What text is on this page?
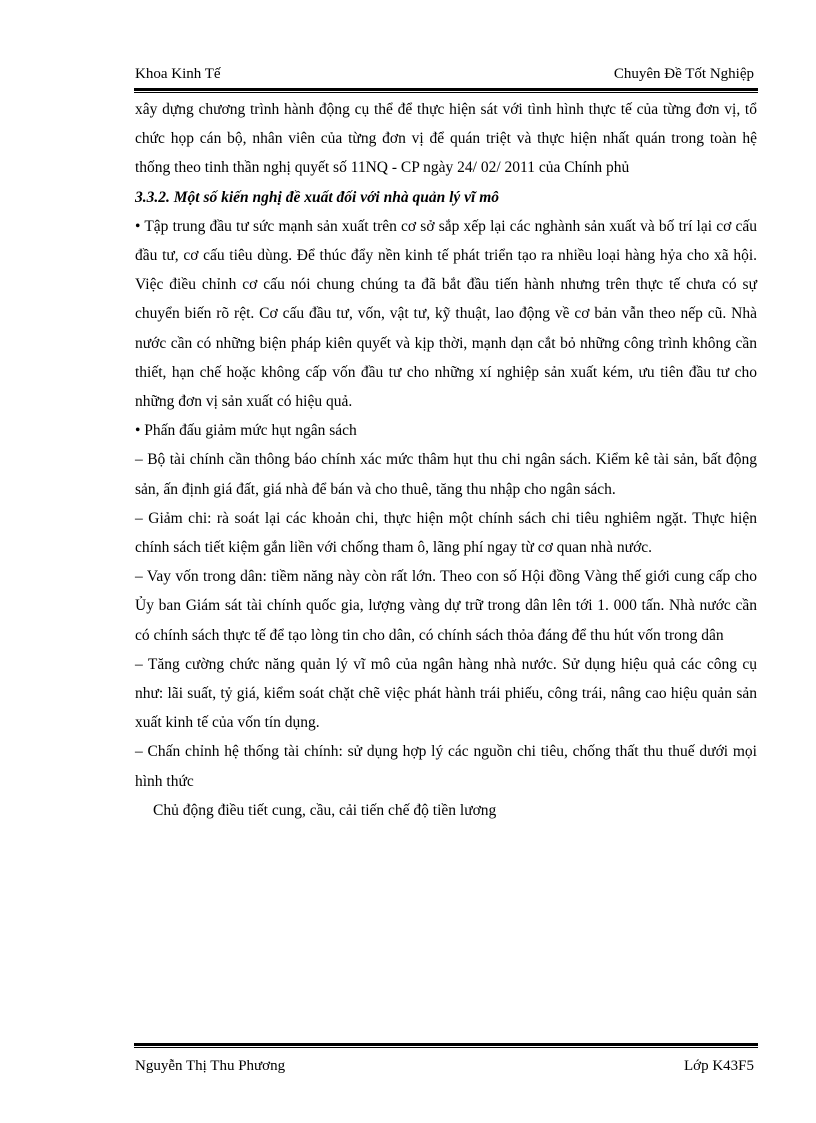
Khoa Kinh Tế	Chuyên Đề Tốt Nghiệp

xây dựng chương trình hành động cụ thể để thực hiện sát với tình hình thực tế của từng đơn vị, tổ chức họp cán bộ, nhân viên của từng đơn vị để quán triệt và thực hiện nhất quán trong toàn hệ thống theo tinh thần nghị quyết số 11NQ - CP ngày 24/ 02/ 2011 của Chính phủ

3.3.2. Một số kiến nghị đề xuất đối với nhà quản lý vĩ mô

• Tập trung đầu tư sức mạnh sản xuất trên cơ sở sắp xếp lại các nghành sản xuất và bố trí lại cơ cấu đầu tư, cơ cấu tiêu dùng. Để thúc đẩy nền kinh tế phát triển tạo ra nhiều loại hàng hỷa cho xã hội. Việc điều chỉnh cơ cấu nói chung chúng ta đã bắt đầu tiến hành nhưng trên thực tế chưa có sự chuyển biến rõ rệt. Cơ cấu đầu tư, vốn, vật tư, kỹ thuật, lao động về cơ bản vẫn theo nếp cũ. Nhà nước cần có những biện pháp kiên quyết và kịp thời, mạnh dạn cắt bỏ những công trình không cần thiết, hạn chế hoặc không cấp vốn đầu tư cho những xí nghiệp sản xuất kém, ưu tiên đầu tư cho những đơn vị sản xuất có hiệu quả.

• Phấn đấu giảm mức hụt ngân sách

– Bộ tài chính cần thông báo chính xác mức thâm hụt thu chi ngân sách. Kiểm kê tài sản, bất động sản, ấn định giá đất, giá nhà để bán và cho thuê, tăng thu nhập cho ngân sách.

– Giảm chi: rà soát lại các khoản chi, thực hiện một chính sách chi tiêu nghiêm ngặt. Thực hiện chính sách tiết kiệm gắn liền với chống tham ô, lãng phí ngay từ cơ quan nhà nước.

– Vay vốn trong dân: tiềm năng này còn rất lớn. Theo con số Hội đồng Vàng thế giới cung cấp cho Ủy ban Giám sát tài chính quốc gia, lượng vàng dự trữ trong dân lên tới 1. 000 tấn. Nhà nước cần có chính sách thực tế để tạo lòng tin cho dân, có chính sách thỏa đáng để thu hút vốn trong dân

– Tăng cường chức năng quản lý vĩ mô của ngân hàng nhà nước. Sử dụng hiệu quả các công cụ như: lãi suất, tỷ giá, kiểm soát chặt chẽ việc phát hành trái phiếu, công trái, nâng cao hiệu quản sản xuất kinh tế của vốn tín dụng.

– Chấn chỉnh hệ thống tài chính: sử dụng hợp lý các nguồn chi tiêu, chống thất thu thuế dưới mọi hình thức

Chủ động điều tiết cung, cầu, cải tiến chế độ tiền lương

Nguyễn Thị Thu Phương	Lớp K43F5
